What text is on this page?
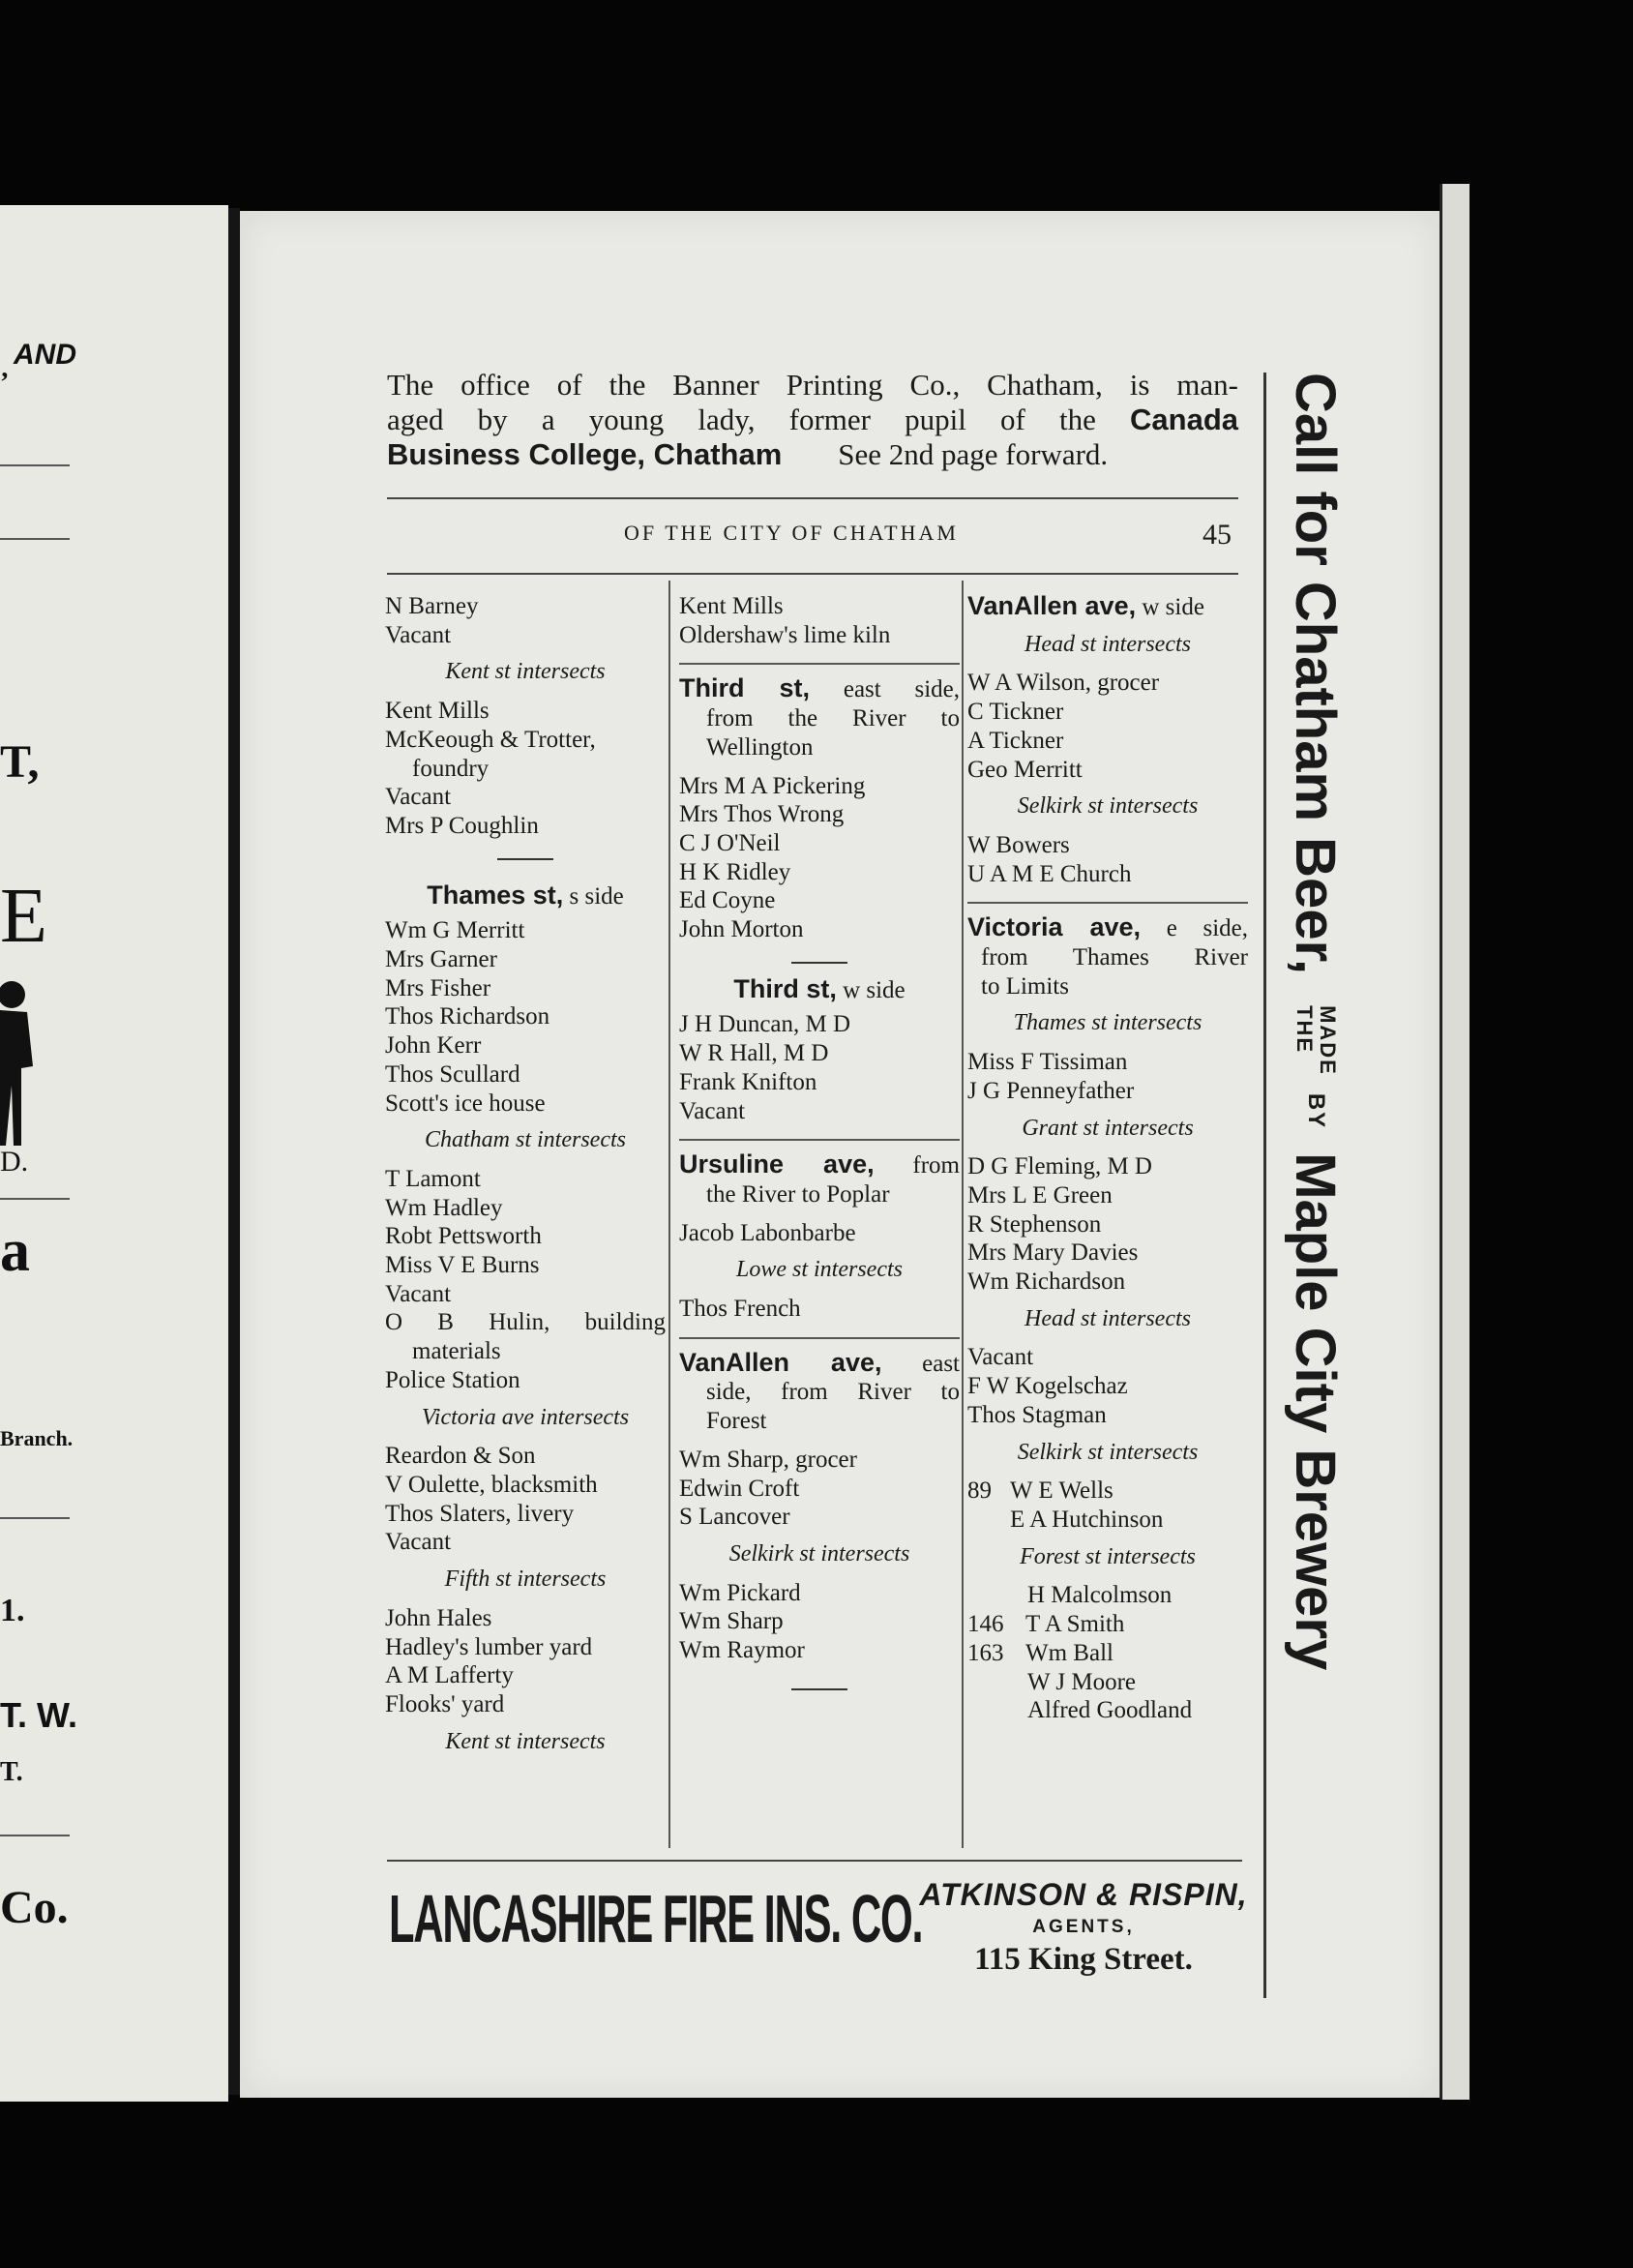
AND
ʼ
T,
E
D.
a
Branch.
1.
T. W.
T.
Co.
The office of the Banner Printing Co., Chatham, is man-
aged by a young lady, former pupil of the Canada
Business College, Chatham See 2nd page forward.
OF THE CITY OF CHATHAM	45
N Barney
Vacant
Kent st intersects
Kent Mills
McKeough & Trotter,
foundry
Vacant
Mrs P Coughlin
Thames st, s side
Wm G Merritt
Mrs Garner
Mrs Fisher
Thos Richardson
John Kerr
Thos Scullard
Scott's ice house
Chatham st intersects
T Lamont
Wm Hadley
Robt Pettsworth
Miss V E Burns
Vacant
O B Hulin, building
materials
Police Station
Victoria ave intersects
Reardon & Son
V Oulette, blacksmith
Thos Slaters, livery
Vacant
Fifth st intersects
John Hales
Hadley's lumber yard
A M Lafferty
Flooks' yard
Kent st intersects
Kent Mills
Oldershaw's lime kiln
Third st, east side,
from the River to
Wellington
Mrs M A Pickering
Mrs Thos Wrong
C J O'Neil
H K Ridley
Ed Coyne
John Morton
Third st, w side
J H Duncan, M D
W R Hall, M D
Frank Knifton
Vacant
Ursuline ave, from
the River to Poplar
Jacob Labonbarbe
Lowe st intersects
Thos French
VanAllen ave, east
side, from River to
Forest
Wm Sharp, grocer
Edwin Croft
S Lancover
Selkirk st intersects
Wm Pickard
Wm Sharp
Wm Raymor
VanAllen ave, w side
Head st intersects
W A Wilson, grocer
C Tickner
A Tickner
Geo Merritt
Selkirk st intersects
W Bowers
U A M E Church
Victoria ave, e side,
from Thames River
to Limits
Thames st intersects
Miss F Tissiman
J G Penneyfather
Grant st intersects
D G Fleming, M D
Mrs L E Green
R Stephenson
Mrs Mary Davies
Wm Richardson
Head st intersects
Vacant
F W Kogelschaz
Thos Stagman
Selkirk st intersects
89 W E Wells
E A Hutchinson
Forest st intersects
H Malcolmson
146 T A Smith
163 Wm Ball
W J Moore
Alfred Goodland
LANCASHIRE FIRE INS. CO.
ATKINSON & RISPIN,
AGENTS,
115 King Street.
Call for Chatham Beer,
MADE
THE
BY
Maple City Brewery
